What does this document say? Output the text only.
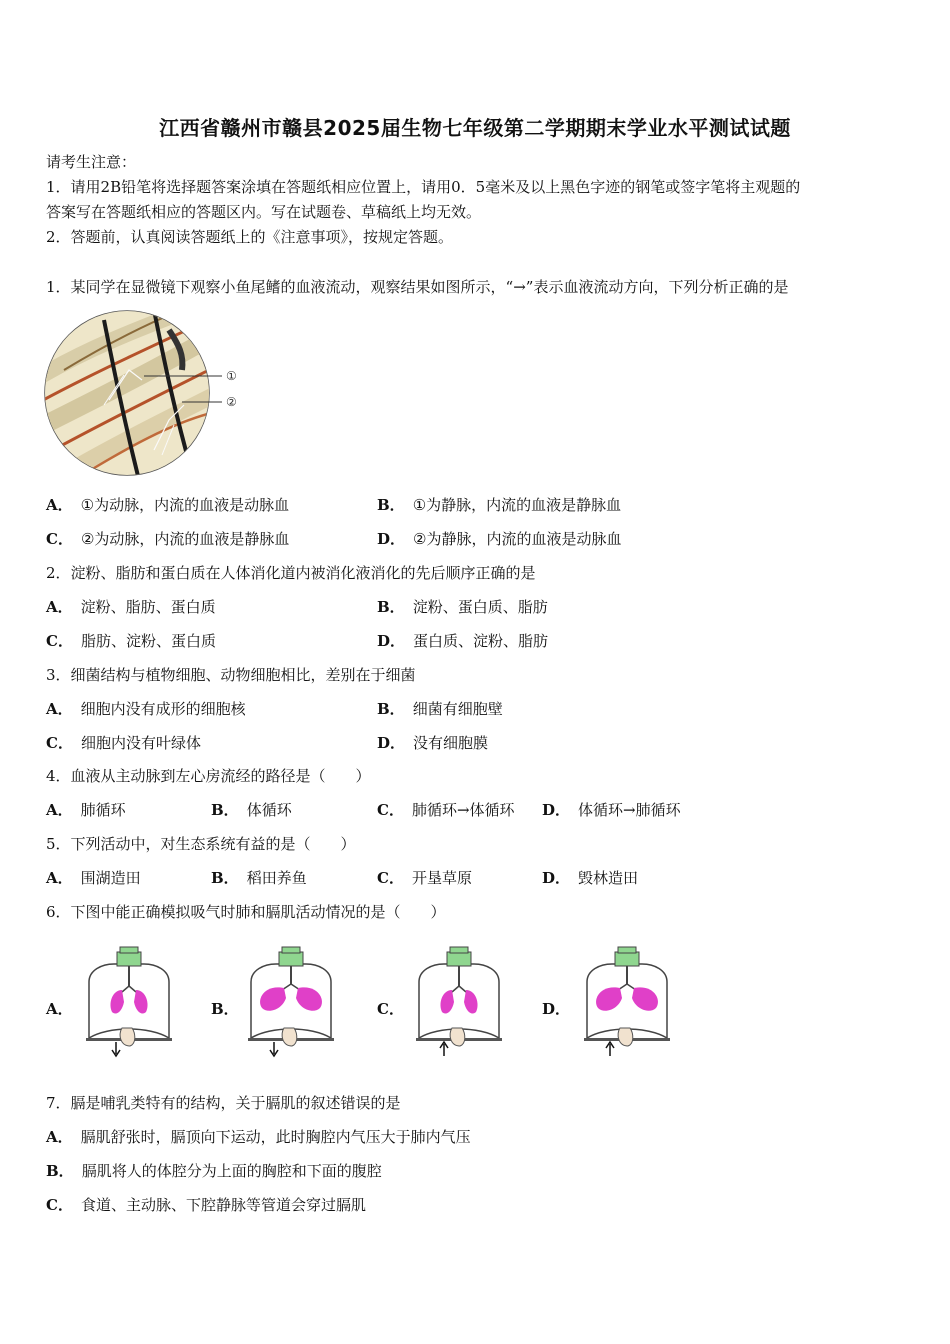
江西省赣州市赣县2025届生物七年级第二学期期末学业水平测试试题
请考生注意：
1．请用2B铅笔将选择题答案涂填在答题纸相应位置上，请用0．5毫米及以上黑色字迹的钢笔或签字笔将主观题的
答案写在答题纸相应的答题区内。写在试题卷、草稿纸上均无效。
2．答题前，认真阅读答题纸上的《注意事项》，按规定答题。
1．某同学在显微镜下观察小鱼尾鳍的血液流动，观察结果如图所示，“→”表示血液流动方向，下列分析正确的是
①
②
A． ①为动脉，内流的血液是动脉血	B． ①为静脉，内流的血液是静脉血
C． ②为动脉，内流的血液是静脉血	D． ②为静脉，内流的血液是动脉血
2．淀粉、脂肪和蛋白质在人体消化道内被消化液消化的先后顺序正确的是
A． 淀粉、脂肪、蛋白质	B． 淀粉、蛋白质、脂肪
C． 脂肪、淀粉、蛋白质	D． 蛋白质、淀粉、脂肪
3．细菌结构与植物细胞、动物细胞相比，差别在于细菌
A． 细胞内没有成形的细胞核	B． 细菌有细胞壁
C． 细胞内没有叶绿体	D． 没有细胞膜
4．血液从主动脉到左心房流经的路径是（　　）
A． 肺循环	B． 体循环	C． 肺循环→体循环 D． 体循环→肺循环
5．下列活动中，对生态系统有益的是（　　）
A． 围湖造田	B． 稻田养鱼	C． 开垦草原	D． 毁林造田
6．下图中能正确模拟吸气时肺和膈肌活动情况的是（　　）
A．	B．	C．	D．
7．膈是哺乳类特有的结构，关于膈肌的叙述错误的是
A． 膈肌舒张时，膈顶向下运动，此时胸腔内气压大于肺内气压
B． 膈肌将人的体腔分为上面的胸腔和下面的腹腔
C． 食道、主动脉、下腔静脉等管道会穿过膈肌
